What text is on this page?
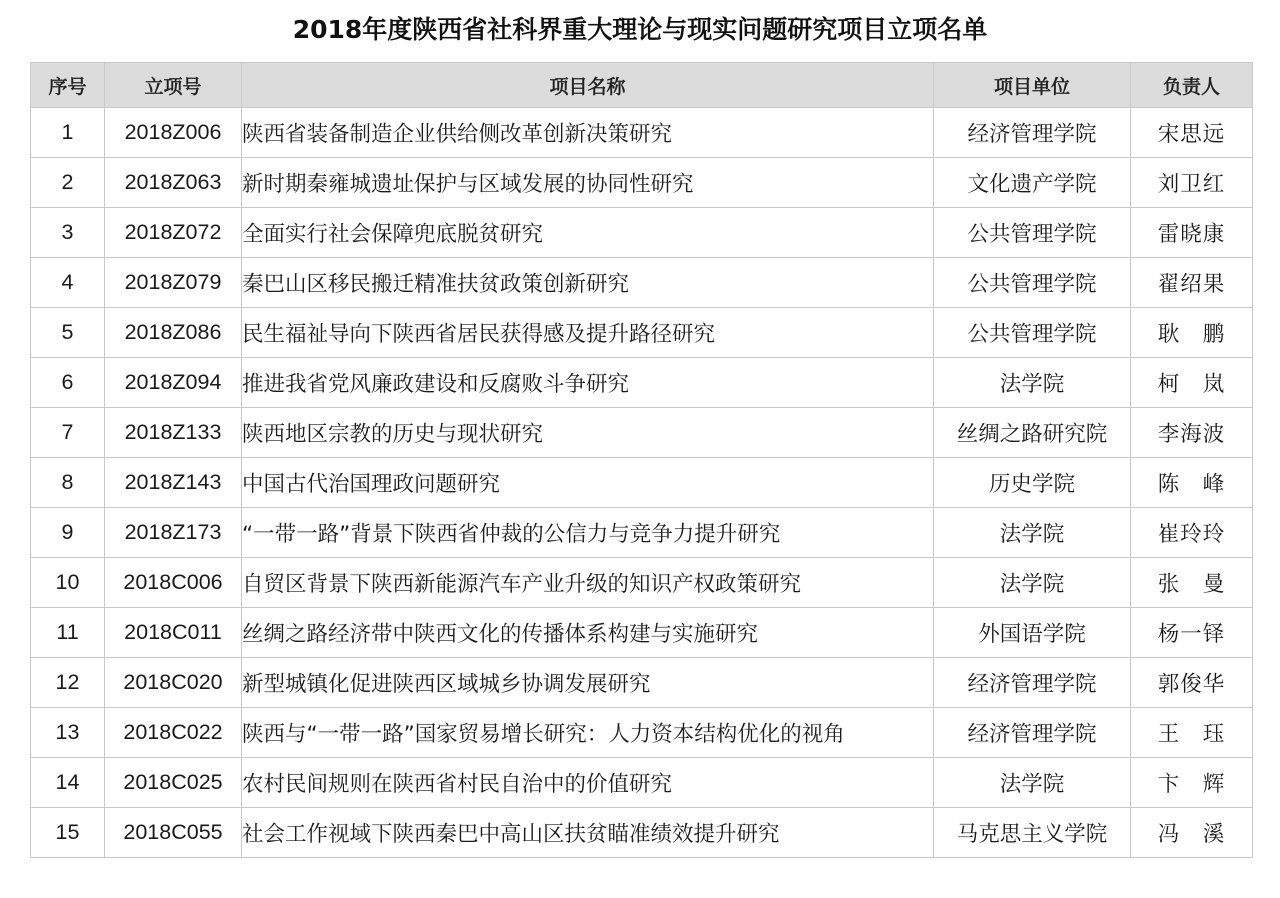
2018年度陕西省社科界重大理论与现实问题研究项目立项名单
序号	立项号	项目名称	项目单位	负责人
1	2018Z006	陕西省装备制造企业供给侧改革创新决策研究	经济管理学院	宋思远
2	2018Z063	新时期秦雍城遗址保护与区域发展的协同性研究	文化遗产学院	刘卫红
3	2018Z072	全面实行社会保障兜底脱贫研究	公共管理学院	雷晓康
4	2018Z079	秦巴山区移民搬迁精准扶贫政策创新研究	公共管理学院	翟绍果
5	2018Z086	民生福祉导向下陕西省居民获得感及提升路径研究	公共管理学院	耿　鹏
6	2018Z094	推进我省党风廉政建设和反腐败斗争研究	法学院	柯　岚
7	2018Z133	陕西地区宗教的历史与现状研究	丝绸之路研究院	李海波
8	2018Z143	中国古代治国理政问题研究	历史学院	陈　峰
9	2018Z173	“一带一路”背景下陕西省仲裁的公信力与竞争力提升研究	法学院	崔玲玲
10	2018C006	自贸区背景下陕西新能源汽车产业升级的知识产权政策研究	法学院	张　曼
11	2018C011	丝绸之路经济带中陕西文化的传播体系构建与实施研究	外国语学院	杨一铎
12	2018C020	新型城镇化促进陕西区域城乡协调发展研究	经济管理学院	郭俊华
13	2018C022	陕西与“一带一路”国家贸易增长研究：人力资本结构优化的视角	经济管理学院	王　珏
14	2018C025	农村民间规则在陕西省村民自治中的价值研究	法学院	卞　辉
15	2018C055	社会工作视域下陕西秦巴中高山区扶贫瞄准绩效提升研究	马克思主义学院	冯　溪
